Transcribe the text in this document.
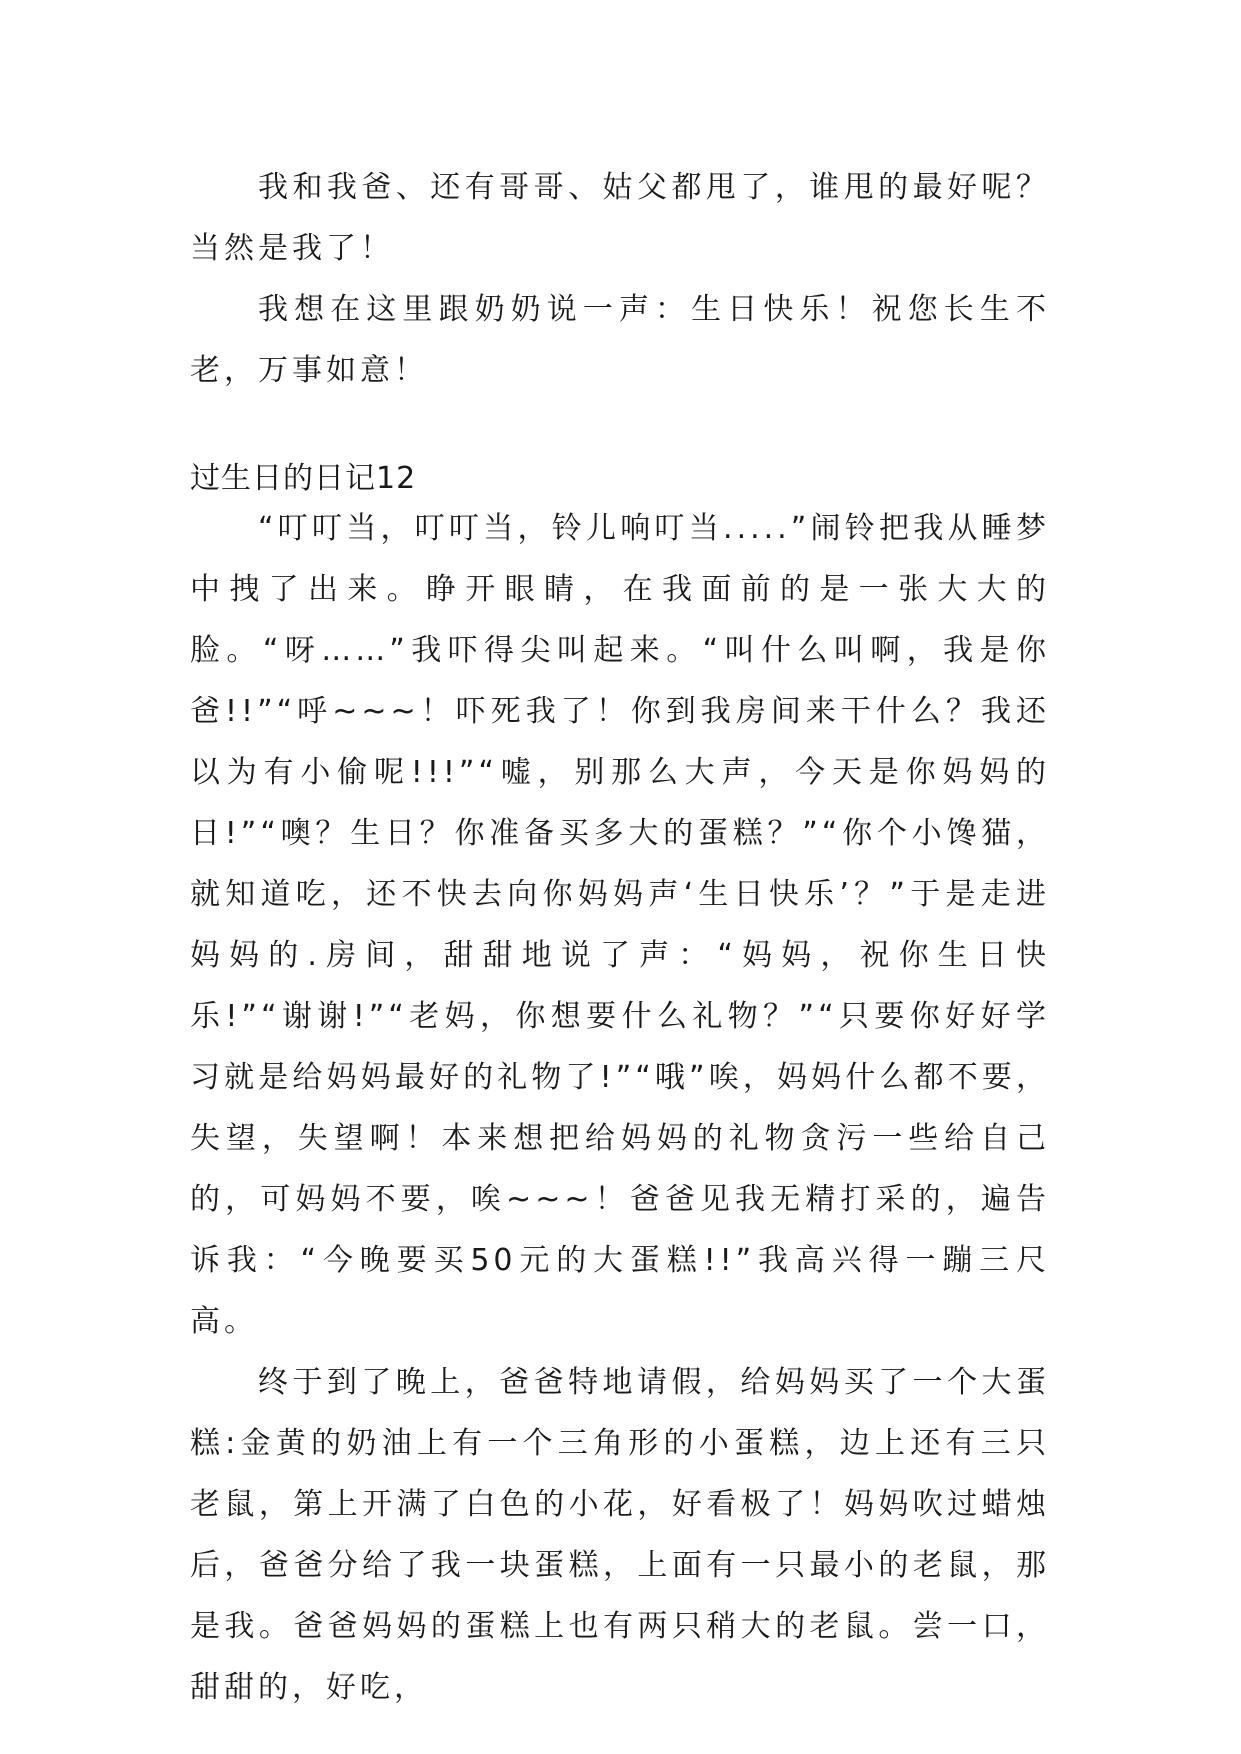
我和我爸、还有哥哥、姑父都甩了，谁甩的最好呢？当然是我了！

我想在这里跟奶奶说一声：生日快乐！祝您长生不老，万事如意！

过生日的日记12

“叮叮当，叮叮当，铃儿响叮当.....”闹铃把我从睡梦中拽了出来。睁开眼睛，在我面前的是一张大大的脸。“呀……”我吓得尖叫起来。“叫什么叫啊，我是你爸!!”“呼~~~！吓死我了！你到我房间来干什么？我还以为有小偷呢!!!”“嘘，别那么大声，今天是你妈妈的日!”“噢？生日？你准备买多大的蛋糕？”“你个小馋猫，就知道吃，还不快去向你妈妈声‘生日快乐’？”于是走进妈妈的.房间，甜甜地说了声：“妈妈，祝你生日快乐!”“谢谢!”“老妈，你想要什么礼物？”“只要你好好学习就是给妈妈最好的礼物了!”“哦”唉，妈妈什么都不要，失望，失望啊！本来想把给妈妈的礼物贪污一些给自己的，可妈妈不要，唉~~~！爸爸见我无精打采的，遍告诉我：“今晚要买50元的大蛋糕!!”我高兴得一蹦三尺高。

终于到了晚上，爸爸特地请假，给妈妈买了一个大蛋糕:金黄的奶油上有一个三角形的小蛋糕，边上还有三只老鼠，第上开满了白色的小花，好看极了！妈妈吹过蜡烛后，爸爸分给了我一块蛋糕，上面有一只最小的老鼠，那是我。爸爸妈妈的蛋糕上也有两只稍大的老鼠。尝一口，甜甜的，好吃，
